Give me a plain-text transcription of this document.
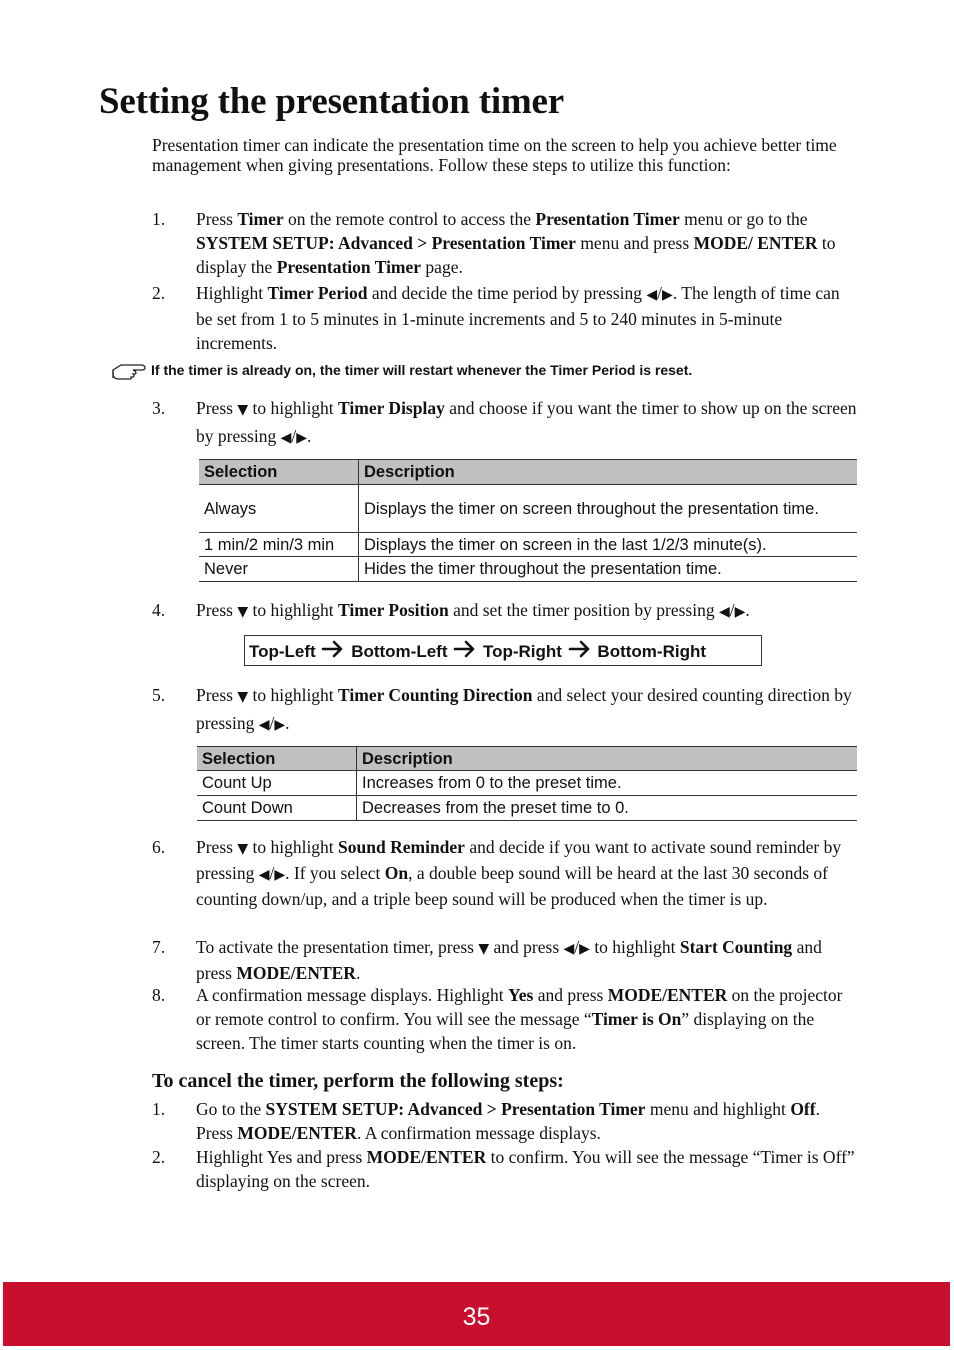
Setting the presentation timer
Presentation timer can indicate the presentation time on the screen to help you achieve better time management when giving presentations. Follow these steps to utilize this function:
1. Press Timer on the remote control to access the Presentation Timer menu or go to the SYSTEM SETUP: Advanced > Presentation Timer menu and press MODE/ ENTER to display the Presentation Timer page.
2. Highlight Timer Period and decide the time period by pressing ◀/▶. The length of time can be set from 1 to 5 minutes in 1-minute increments and 5 to 240 minutes in 5-minute increments.
If the timer is already on, the timer will restart whenever the Timer Period is reset.
3. Press ▼ to highlight Timer Display and choose if you want the timer to show up on the screen by pressing ◀/▶.
Selection	Description
Always	Displays the timer on screen throughout the presentation time.
1 min/2 min/3 min	Displays the timer on screen in the last 1/2/3 minute(s).
Never	Hides the timer throughout the presentation time.
4. Press ▼ to highlight Timer Position and set the timer position by pressing ◀/▶.
Top-Left Bottom-Left Top-Right Bottom-Right
5. Press ▼ to highlight Timer Counting Direction and select your desired counting direction by pressing ◀/▶.
Selection	Description
Count Up	Increases from 0 to the preset time.
Count Down	Decreases from the preset time to 0.
6. Press ▼ to highlight Sound Reminder and decide if you want to activate sound reminder by pressing ◀/▶. If you select On, a double beep sound will be heard at the last 30 seconds of counting down/up, and a triple beep sound will be produced when the timer is up.
7. To activate the presentation timer, press ▼ and press ◀/▶ to highlight Start Counting and press MODE/ENTER.
8. A confirmation message displays. Highlight Yes and press MODE/ENTER on the projector or remote control to confirm. You will see the message “Timer is On” displaying on the screen. The timer starts counting when the timer is on.
To cancel the timer, perform the following steps:
1. Go to the SYSTEM SETUP: Advanced > Presentation Timer menu and highlight Off. Press MODE/ENTER. A confirmation message displays.
2. Highlight Yes and press MODE/ENTER to confirm. You will see the message “Timer is Off” displaying on the screen.
35
